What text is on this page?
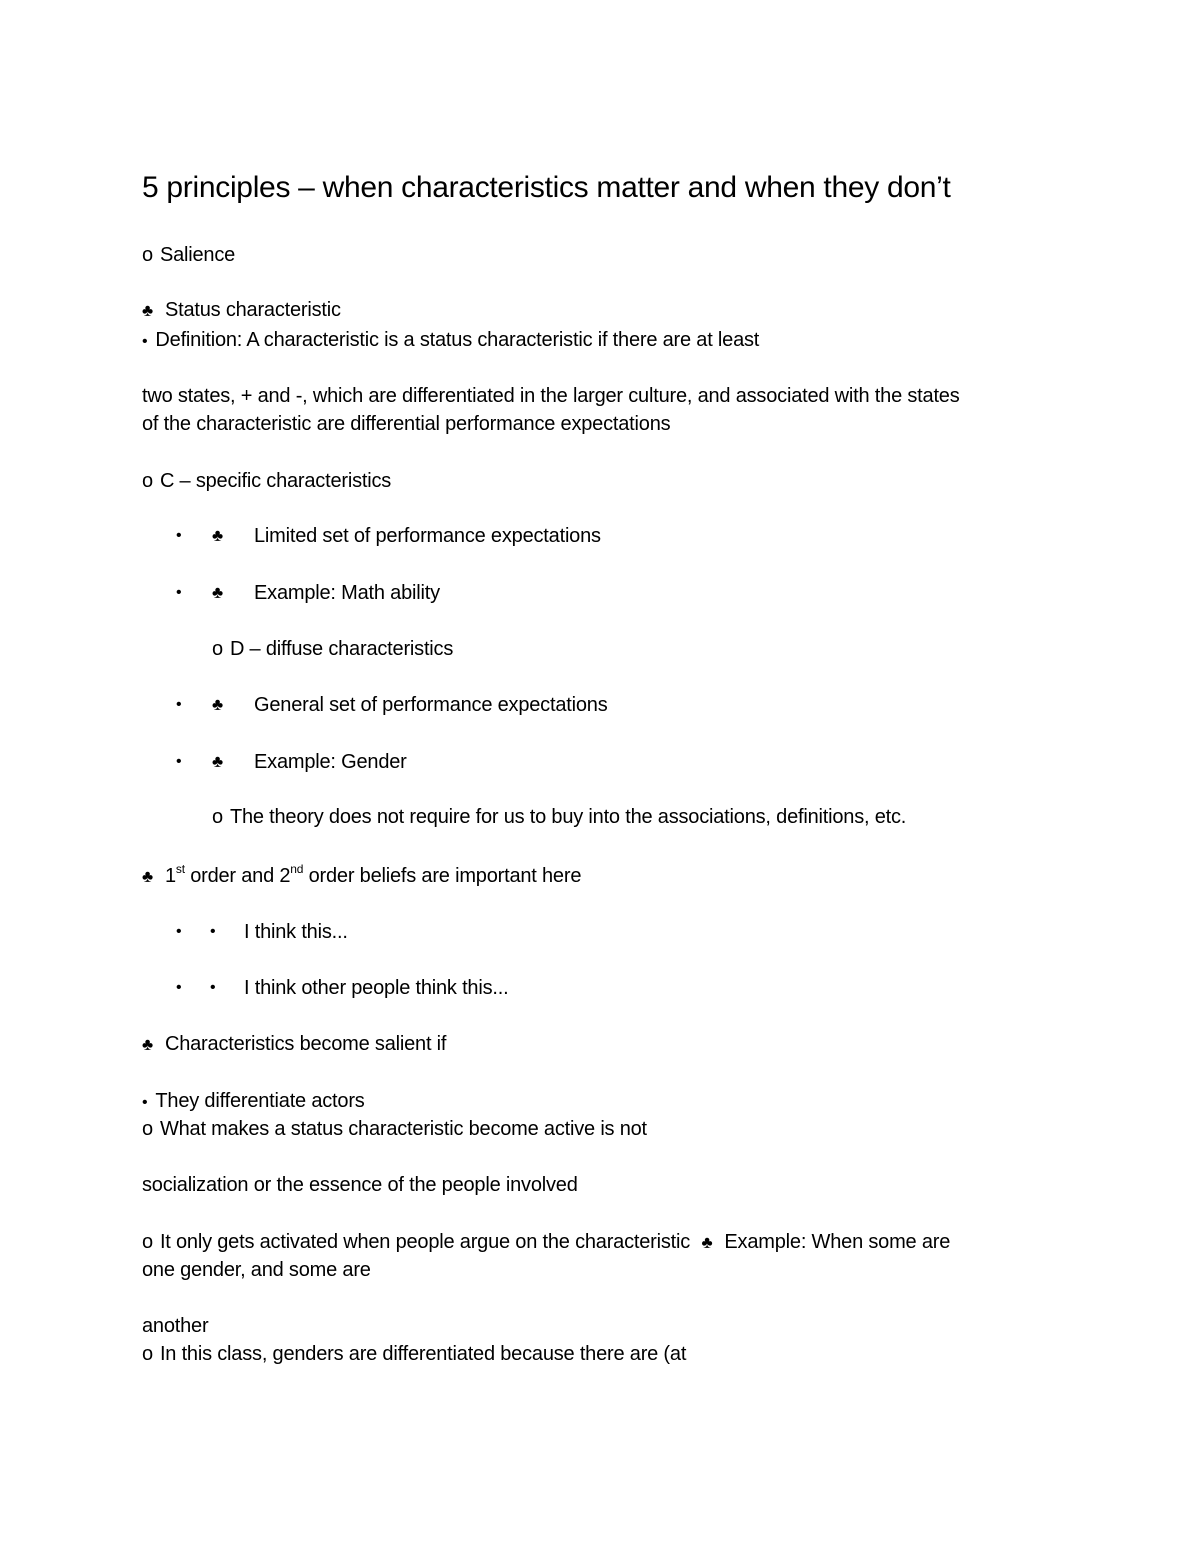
5 principles – when characteristics matter and when they don’t
o Salience
♣ Status characteristic
• Definition: A characteristic is a status characteristic if there are at least
two states, + and -, which are differentiated in the larger culture, and associated with the states
of the characteristic are differential performance expectations
o C – specific characteristics
• ♣ Limited set of performance expectations
• ♣ Example: Math ability
o D – diffuse characteristics
• ♣ General set of performance expectations
• ♣ Example: Gender
o The theory does not require for us to buy into the associations, definitions, etc.
♣ 1st order and 2nd order beliefs are important here
• • I think this...
• • I think other people think this...
♣ Characteristics become salient if
• They differentiate actors
o What makes a status characteristic become active is not
socialization or the essence of the people involved
o It only gets activated when people argue on the characteristic ♣ Example: When some are
one gender, and some are
another
o In this class, genders are differentiated because there are (at
